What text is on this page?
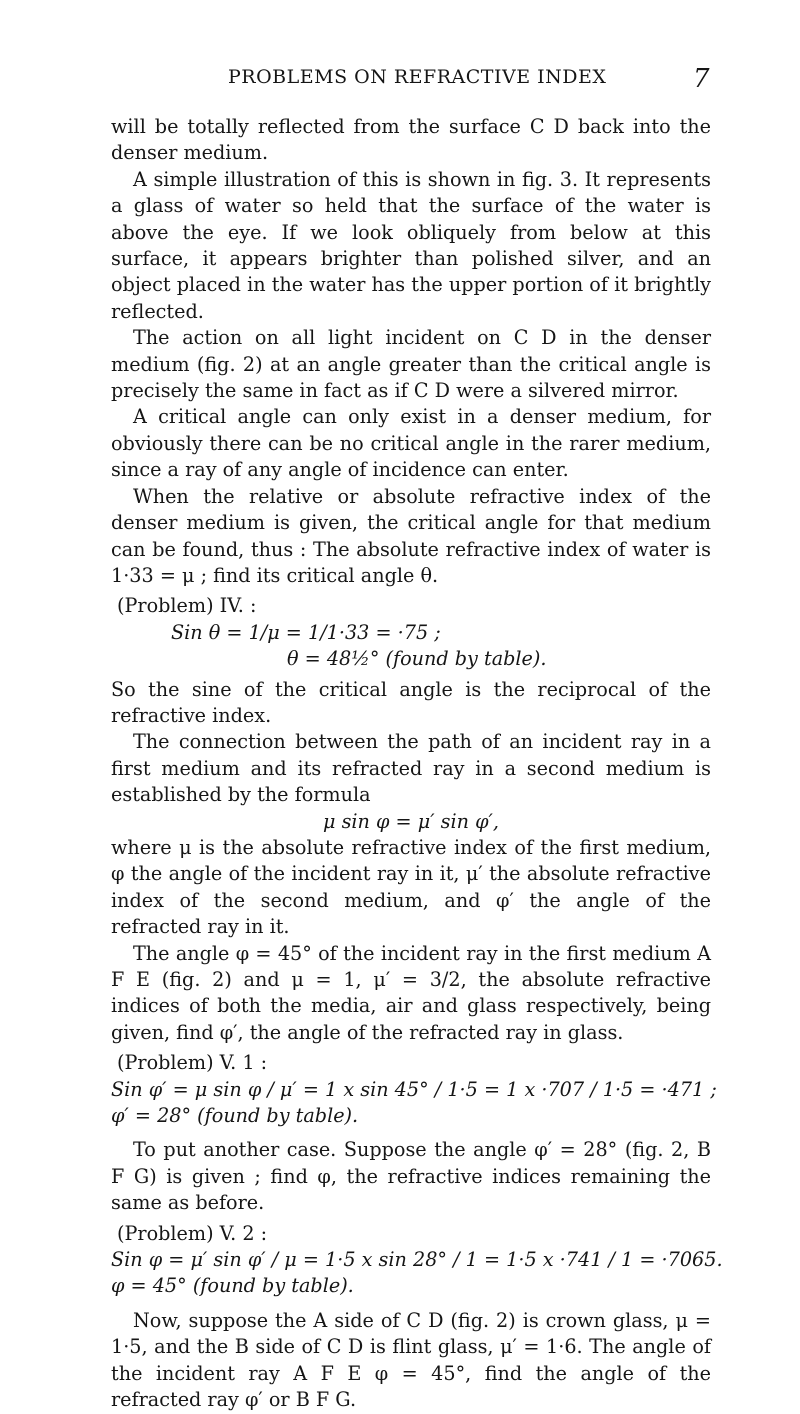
PROBLEMS ON REFRACTIVE INDEX	7

will be totally reflected from the surface C D back into the denser medium.

A simple illustration of this is shown in fig. 3. It represents a glass of water so held that the surface of the water is above the eye. If we look obliquely from below at this surface, it appears brighter than polished silver, and an object placed in the water has the upper portion of it brightly reflected.

The action on all light incident on C D in the denser medium (fig. 2) at an angle greater than the critical angle is precisely the same in fact as if C D were a silvered mirror.

A critical angle can only exist in a denser medium, for obviously there can be no critical angle in the rarer medium, since a ray of any angle of incidence can enter.

When the relative or absolute refractive index of the denser medium is given, the critical angle for that medium can be found, thus : The absolute refractive index of water is 1·33 = μ ; find its critical angle θ.

(Problem) IV. :
Sin θ = 1/μ = 1/1·33 = ·75 ;
θ = 48½° (found by table).

So the sine of the critical angle is the reciprocal of the refractive index.

The connection between the path of an incident ray in a first medium and its refracted ray in a second medium is established by the formula

μ sin φ = μ′ sin φ′,

where μ is the absolute refractive index of the first medium, φ the angle of the incident ray in it, μ′ the absolute refractive index of the second medium, and φ′ the angle of the refracted ray in it.

The angle φ = 45° of the incident ray in the first medium A F E (fig. 2) and μ = 1, μ′ = 3/2, the absolute refractive indices of both the media, air and glass respectively, being given, find φ′, the angle of the refracted ray in glass.

(Problem) V. 1 :
Sin φ′ = μ sin φ / μ′ = 1 x sin 45° / 1·5 = 1 x ·707 / 1·5 = ·471 ;
φ′ = 28° (found by table).

To put another case. Suppose the angle φ′ = 28° (fig. 2, B F G) is given ; find φ, the refractive indices remaining the same as before.

(Problem) V. 2 :
Sin φ = μ′ sin φ′ / μ = 1·5 x sin 28° / 1 = 1·5 x ·741 / 1 = ·7065.
φ = 45° (found by table).

Now, suppose the A side of C D (fig. 2) is crown glass, μ = 1·5, and the B side of C D is flint glass, μ′ = 1·6. The angle of the incident ray A F E φ = 45°, find the angle of the refracted ray φ′ or B F G.
